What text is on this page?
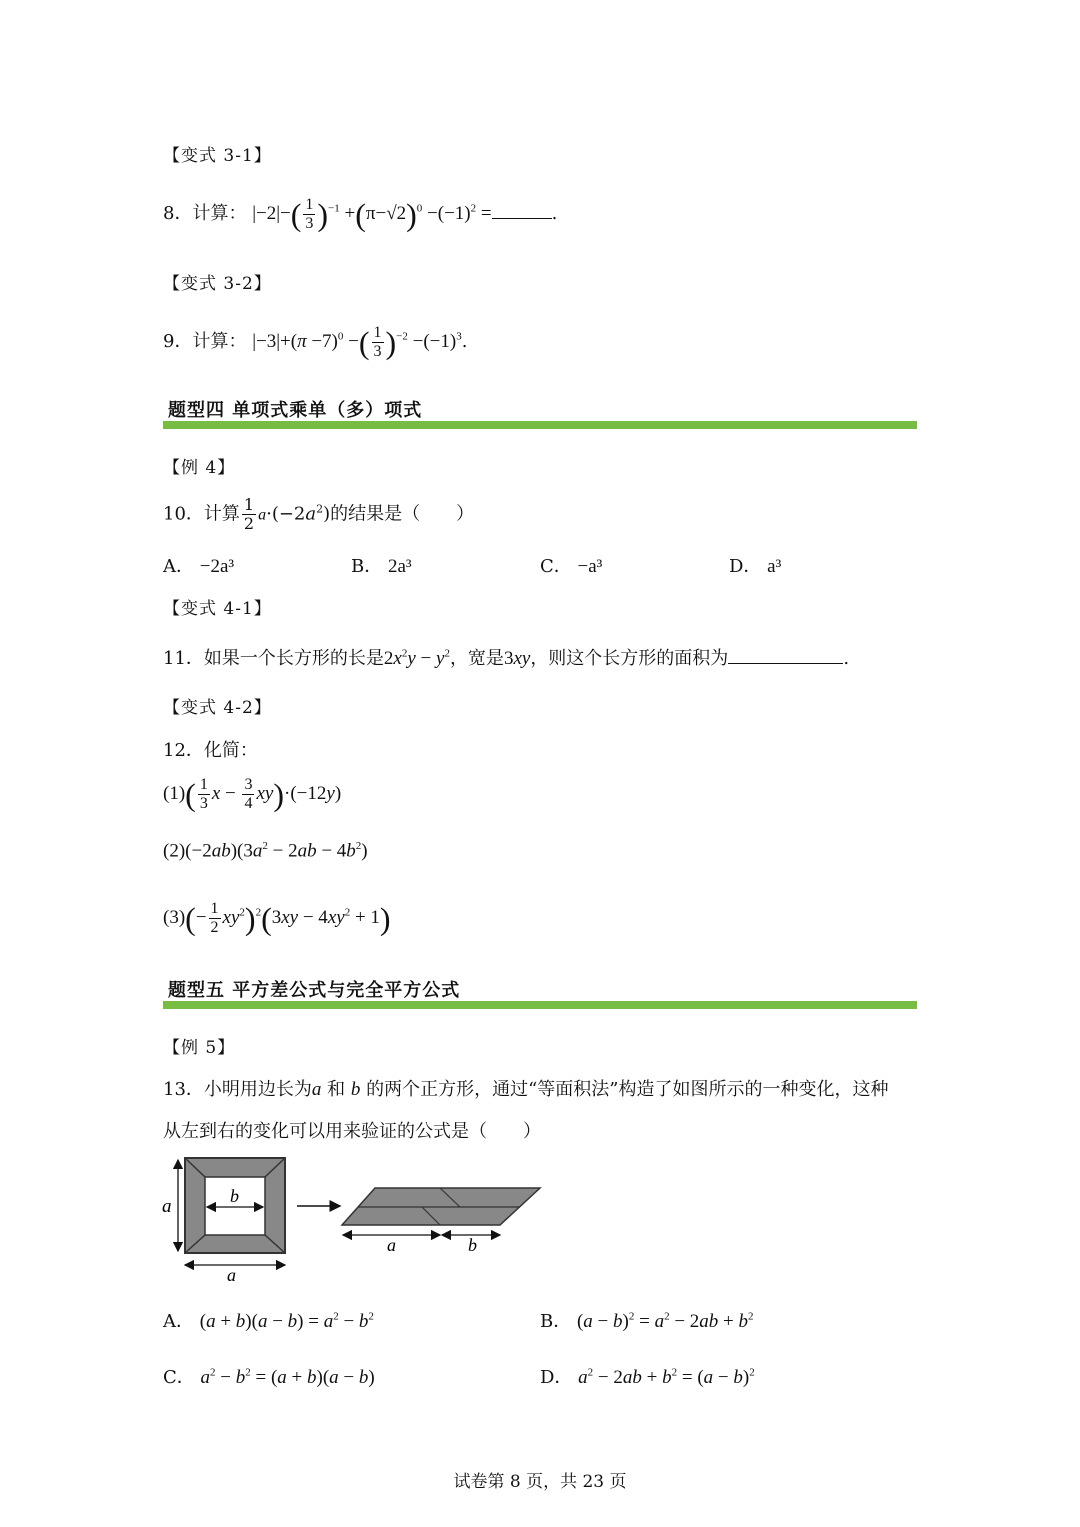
【变式 3-1】
8．计算： $|-2|-( \frac{1}{3} )^{-1} +(\pi-√2)^0 -(-1)^2$ =	.
【变式 3-2】
9．计算： $|-3|+(\pi -7)^0$ −( $\frac{1}{3} )^{-2} -(-1)^3$.
题型四 单项式乘单（多）项式
【例 4】
10．计算 $\frac{1}{2} a\cdot(-2a^2)$的结果是（　　）
A． −2a³	B． 2a³	C． −a³	D． a³
【变式 4-1】
11．如果一个长方形的长是$2x^2y - y^2$，宽是3xy，则这个长方形的面积为	.
【变式 4-2】
12．化简：
$(1)( \frac{1}{3}$ $x - \frac{3}{4} xy)\cdot(-12y)$
$(2)(-2ab)(3a^2 - 2ab - 4b^2)$
$(3)(- \frac{1}{2} xy^2)^2(3xy - 4xy^2 + 1)$
题型五 平方差公式与完全平方公式
【例 5】
13．小明用边长为a 和 b 的两个正方形，通过“等面积法”构造了如图所示的一种变化，这种
从左到右的变化可以用来验证的公式是（　　）
a	b
a
a	b
A． $(a + b)(a - b) = a^2 - b^2$	B． $(a - b)^2 = a^2 - 2ab + b^2$
C． $a^2 - b^2 = (a + b)(a - b)$	D． $a^2 - 2ab + b^2 = (a - b)^2$
试卷第 8 页，共 23 页
